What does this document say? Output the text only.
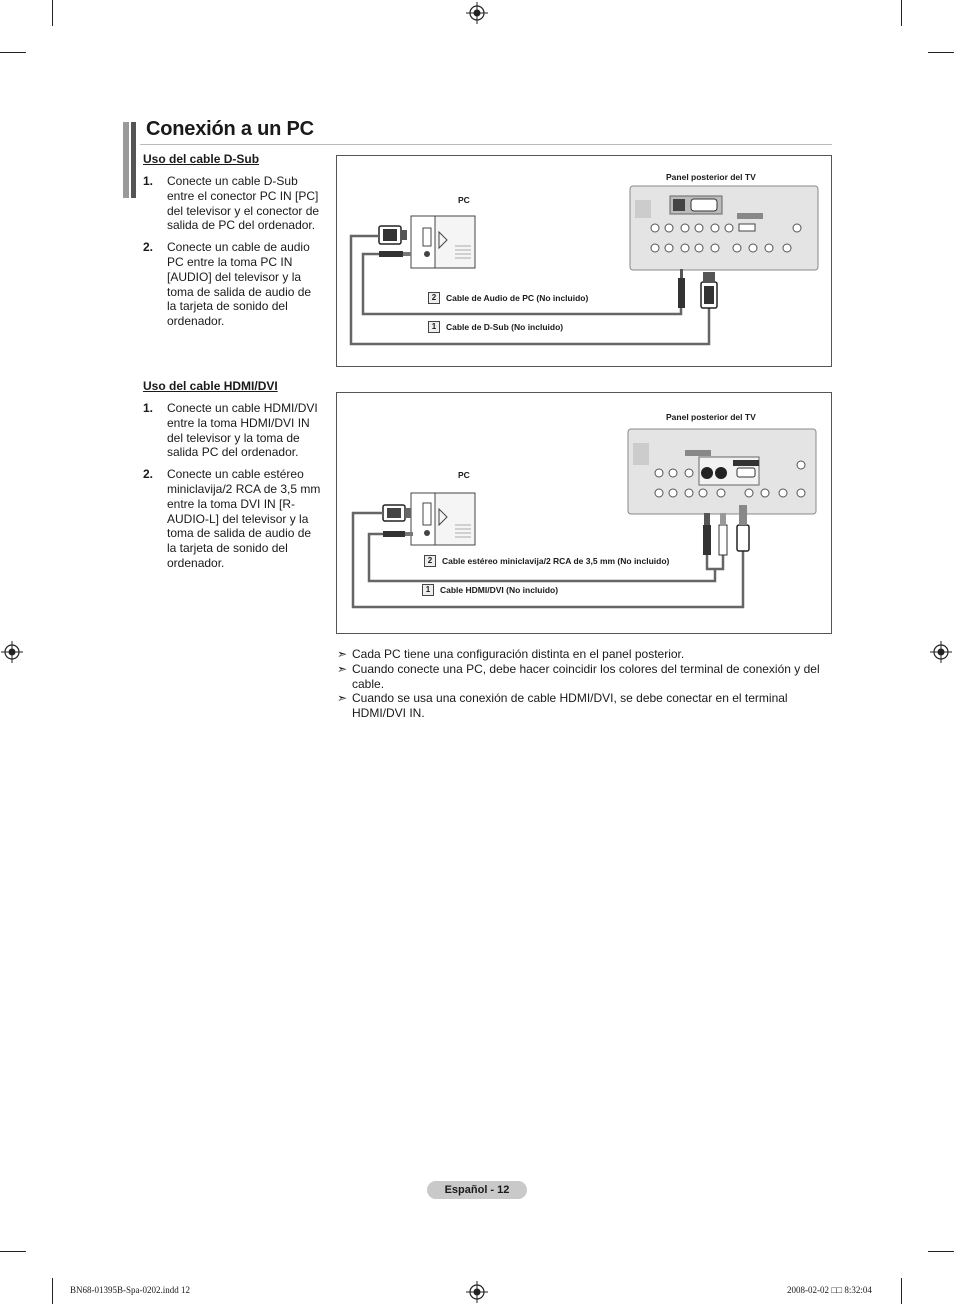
Conexión a un PC
Uso del cable D-Sub
1. Conecte un cable D-Sub entre el conector PC IN [PC] del televisor y el conector de salida de PC del ordenador.
2. Conecte un cable de audio PC entre la toma PC IN [AUDIO] del televisor y la toma de salida de audio de la tarjeta de sonido del ordenador.
Panel posterior del TV
PC
2	Cable de Audio de PC (No incluido)
1	Cable de D-Sub (No incluido)
Uso del cable HDMI/DVI
1. Conecte un cable HDMI/DVI entre la toma HDMI/DVI IN del televisor y la toma de salida PC del ordenador.
2. Conecte un cable estéreo miniclavija/2 RCA de 3,5 mm entre la toma DVI IN [R-AUDIO-L] del televisor y la toma de salida de audio de la tarjeta de sonido del ordenador.
Panel posterior del TV
PC
2	Cable estéreo miniclavija/2 RCA de 3,5 mm (No incluido)
1	Cable HDMI/DVI (No incluido)
➣ Cada PC tiene una configuración distinta en el panel posterior.
➣ Cuando conecte una PC, debe hacer coincidir los colores del terminal de conexión y del cable.
➣ Cuando se usa una conexión de cable HDMI/DVI, se debe conectar en el terminal HDMI/DVI IN.
Español - 12
BN68-01395B-Spa-0202.indd 12	2008-02-02 □□ 8:32:04
